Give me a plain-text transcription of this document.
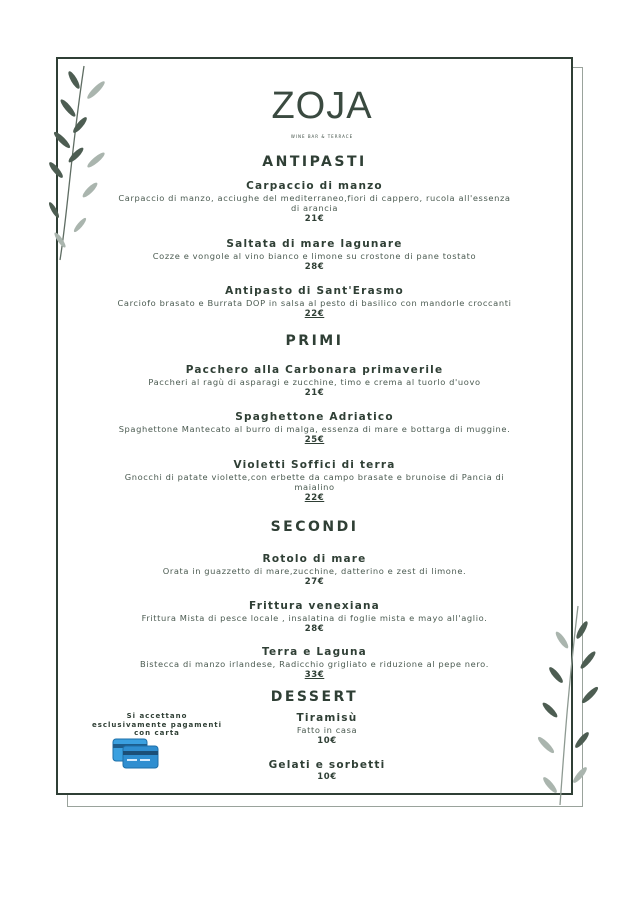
ZOJA
WINE BAR & TERRACE
ANTIPASTI
Carpaccio di manzo
Carpaccio di manzo, acciughe del mediterraneo,fiori di cappero, rucola all'essenza
di arancia
21€
Saltata di mare lagunare
Cozze e vongole al vino bianco e limone su crostone di pane tostato
28€
Antipasto di Sant'Erasmo
Carciofo brasato e Burrata DOP in salsa al pesto di basilico con mandorle croccanti
22€
PRIMI
Pacchero alla Carbonara primaverile
Paccheri al ragù di asparagi e zucchine, timo e crema al tuorlo d'uovo
21€
Spaghettone Adriatico
Spaghettone Mantecato al burro di malga, essenza di mare e bottarga di muggine.
25€
Violetti Soffici di terra
Gnocchi di patate violette,con erbette da campo brasate e brunoise di Pancia di
maialino
22€
SECONDI
Rotolo di mare
Orata in guazzetto di mare,zucchine, datterino e zest di limone.
27€
Frittura venexiana
Frittura Mista di pesce locale , insalatina di foglie mista e mayo all'aglio.
28€
Terra e Laguna
Bistecca di manzo irlandese, Radicchio grigliato e riduzione al pepe nero.
33€
DESSERT
Tiramisù
Fatto in casa
10€
Gelati e sorbetti
10€
Si accettano
esclusivamente pagamenti
con carta
